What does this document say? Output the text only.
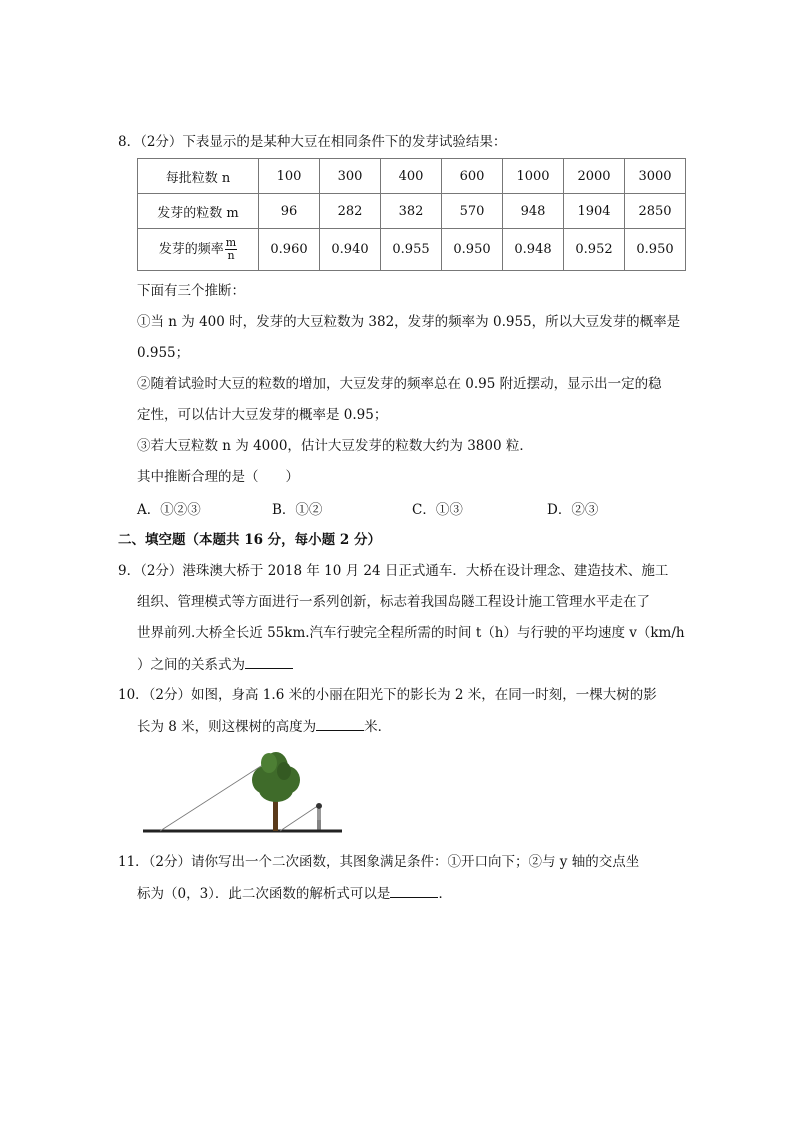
8．（2分）下表显示的是某种大豆在相同条件下的发芽试验结果：
每批粒数 n	100	300	400	600	1000	2000	3000
发芽的粒数 m	96	282	382	570	948	1904	2850
发芽的频率 $\frac{m}{n}$	0.960	0.940	0.955	0.950	0.948	0.952	0.950
下面有三个推断：
①当 n 为 400 时，发芽的大豆粒数为 382，发芽的频率为 0.955，所以大豆发芽的概率是
0.955；
②随着试验时大豆的粒数的增加，大豆发芽的频率总在 0.95 附近摆动，显示出一定的稳
定性，可以估计大豆发芽的概率是 0.95；
③若大豆粒数 n 为 4000，估计大豆发芽的粒数大约为 3800 粒．
其中推断合理的是（　　）
A．①②③	B．①②	C．①③	D．②③
二、填空题（本题共 16 分，每小题 2 分）
9．（2分）港珠澳大桥于 2018 年 10 月 24 日正式通车．大桥在设计理念、建造技术、施工
组织、管理模式等方面进行一系列创新，标志着我国岛隧工程设计施工管理水平走在了
世界前列.大桥全长近 55km.汽车行驶完全程所需的时间 t（h）与行驶的平均速度 v（km/h
）之间的关系式为
10．（2分）如图，身高 1.6 米的小丽在阳光下的影长为 2 米，在同一时刻，一棵大树的影
长为 8 米，则这棵树的高度为	米．
11．（2分）请你写出一个二次函数，其图象满足条件：①开口向下；②与 y 轴的交点坐
标为（0，3）．此二次函数的解析式可以是	．
